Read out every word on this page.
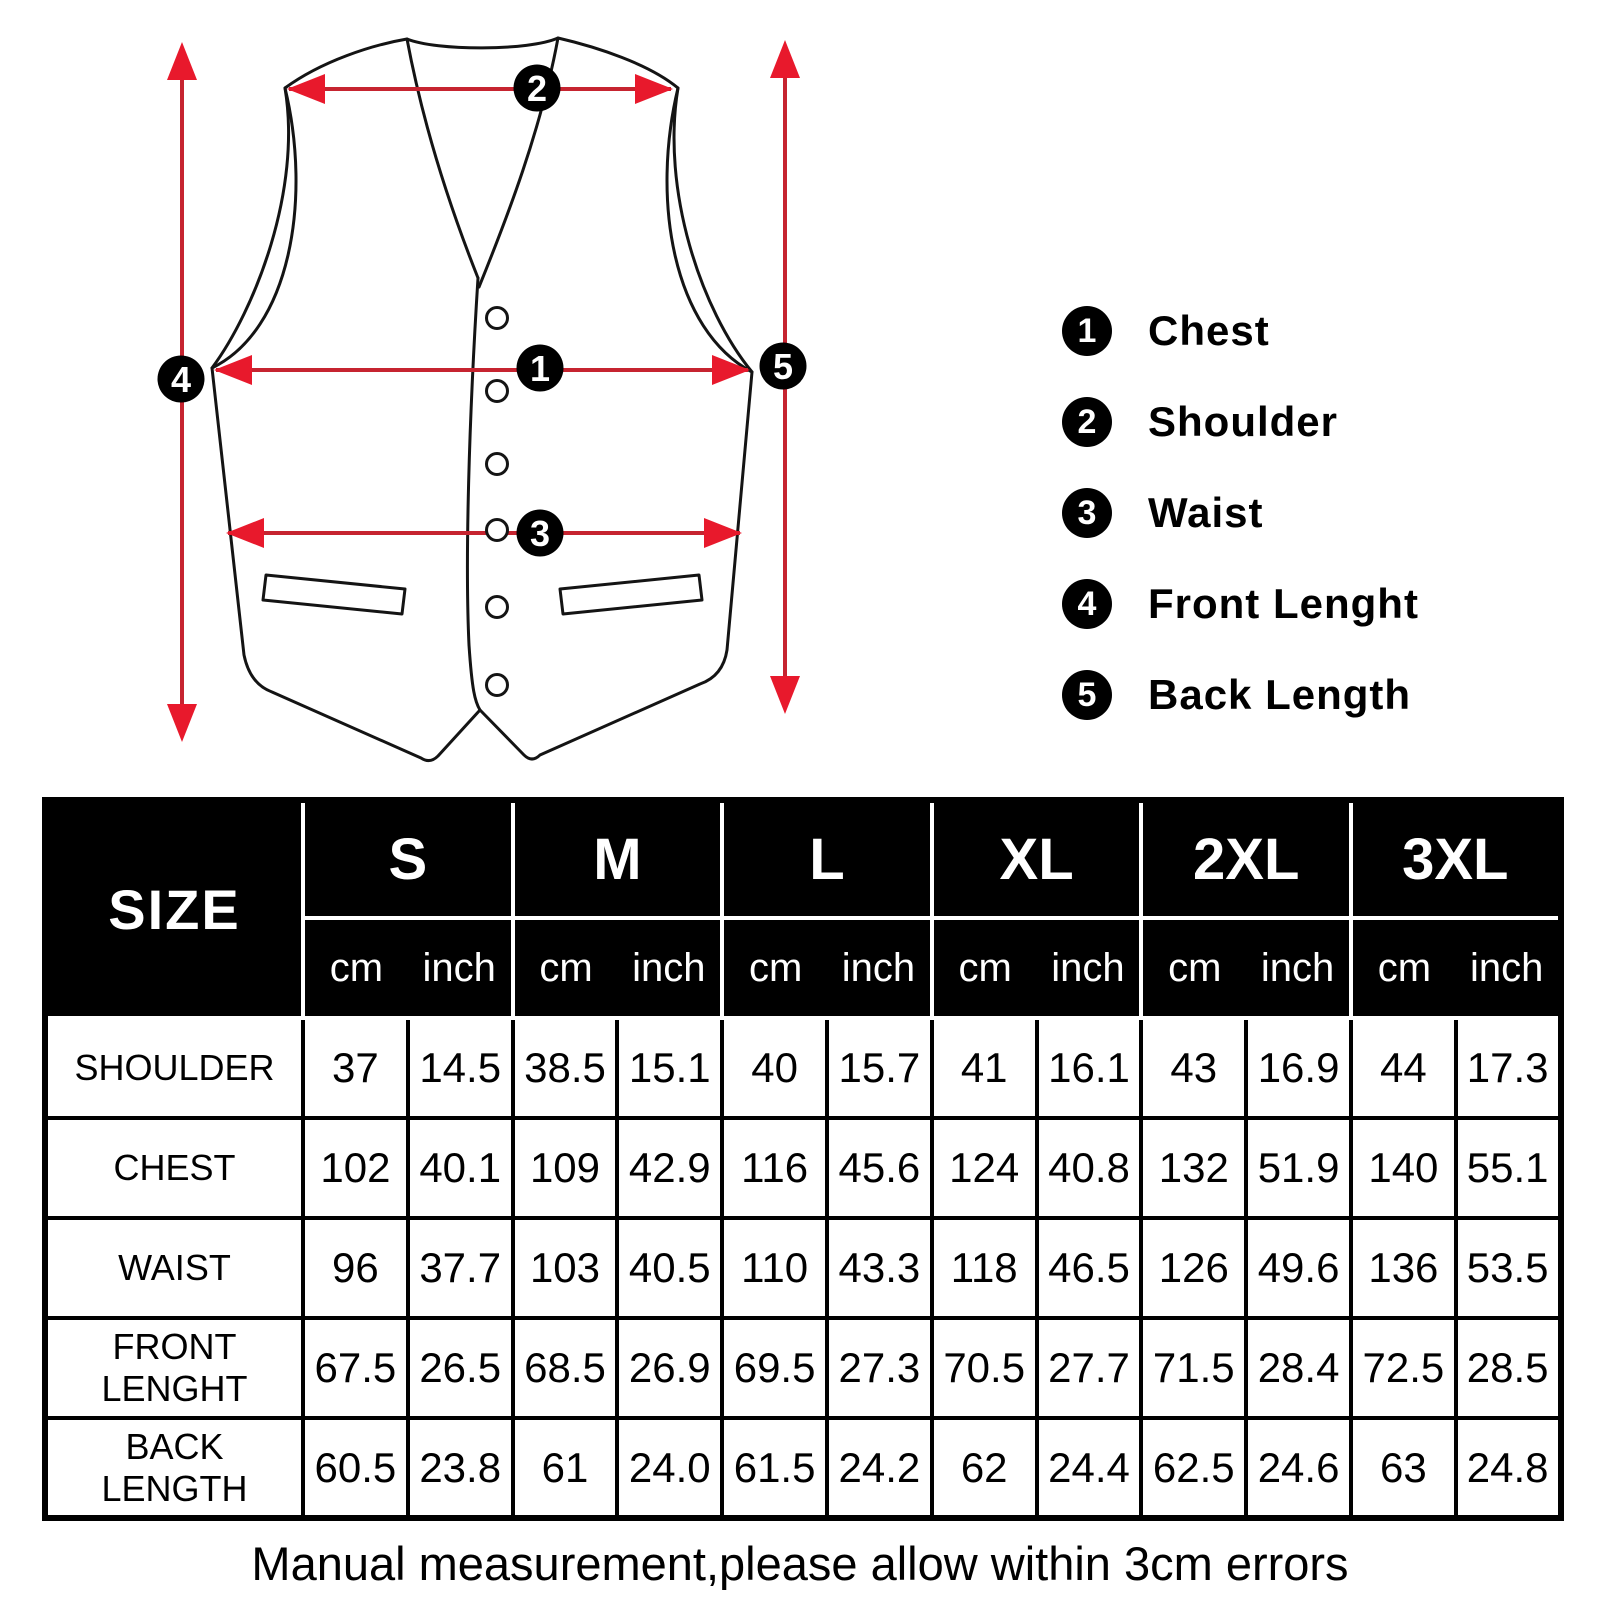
1
2
3
4	5
1	Chest
2	Shoulder
3	Waist
4	Front Lenght
5	Back Length
SIZE	S		M		L		XL		2XL		3XL	
	cm	inch	cm	inch	cm	inch	cm	inch	cm	inch	cm	inch
SHOULDER	37	14.5	38.5	15.1	40	15.7	41	16.1	43	16.9	44	17.3
CHEST	102	40.1	109	42.9	116	45.6	124	40.8	132	51.9	140	55.1
WAIST	96	37.7	103	40.5	110	43.3	118	46.5	126	49.6	136	53.5
FRONT LENGHT	67.5	26.5	68.5	26.9	69.5	27.3	70.5	27.7	71.5	28.4	72.5	28.5
BACK LENGTH	60.5	23.8	61	24.0	61.5	24.2	62	24.4	62.5	24.6	63	24.8
Manual measurement,please allow within 3cm errors
